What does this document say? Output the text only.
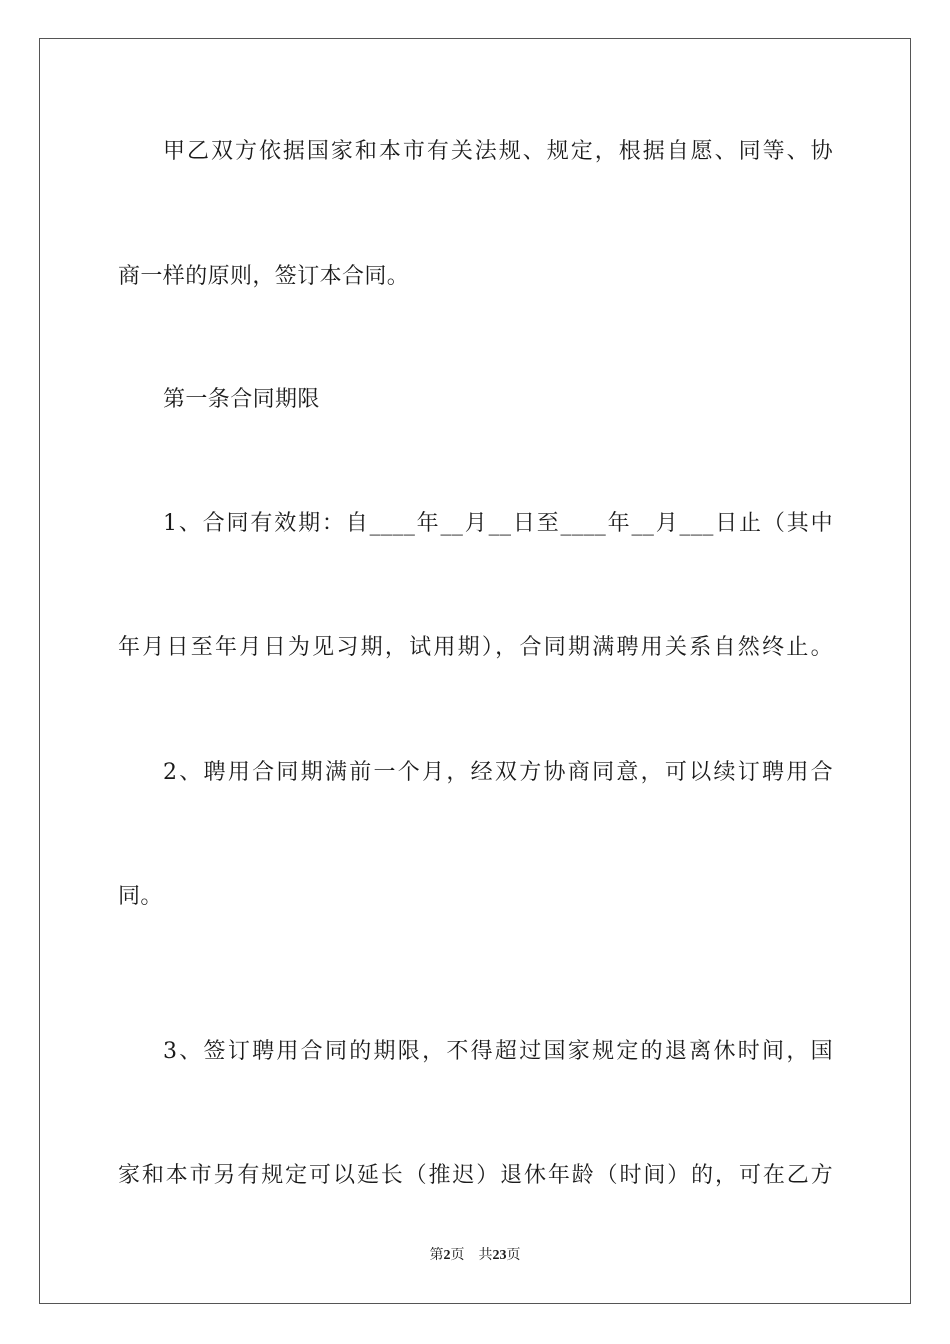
甲乙双方依据国家和本市有关法规、规定，根据自愿、同等、协
商一样的原则，签订本合同。
第一条合同期限
1、合同有效期：自____年__月__日至____年__月___日止（其中
年月日至年月日为见习期，试用期），合同期满聘用关系自然终止。
2、聘用合同期满前一个月，经双方协商同意，可以续订聘用合
同。
3、签订聘用合同的期限，不得超过国家规定的退离休时间，国
家和本市另有规定可以延长（推迟）退休年龄（时间）的，可在乙方
第2页 共23页
